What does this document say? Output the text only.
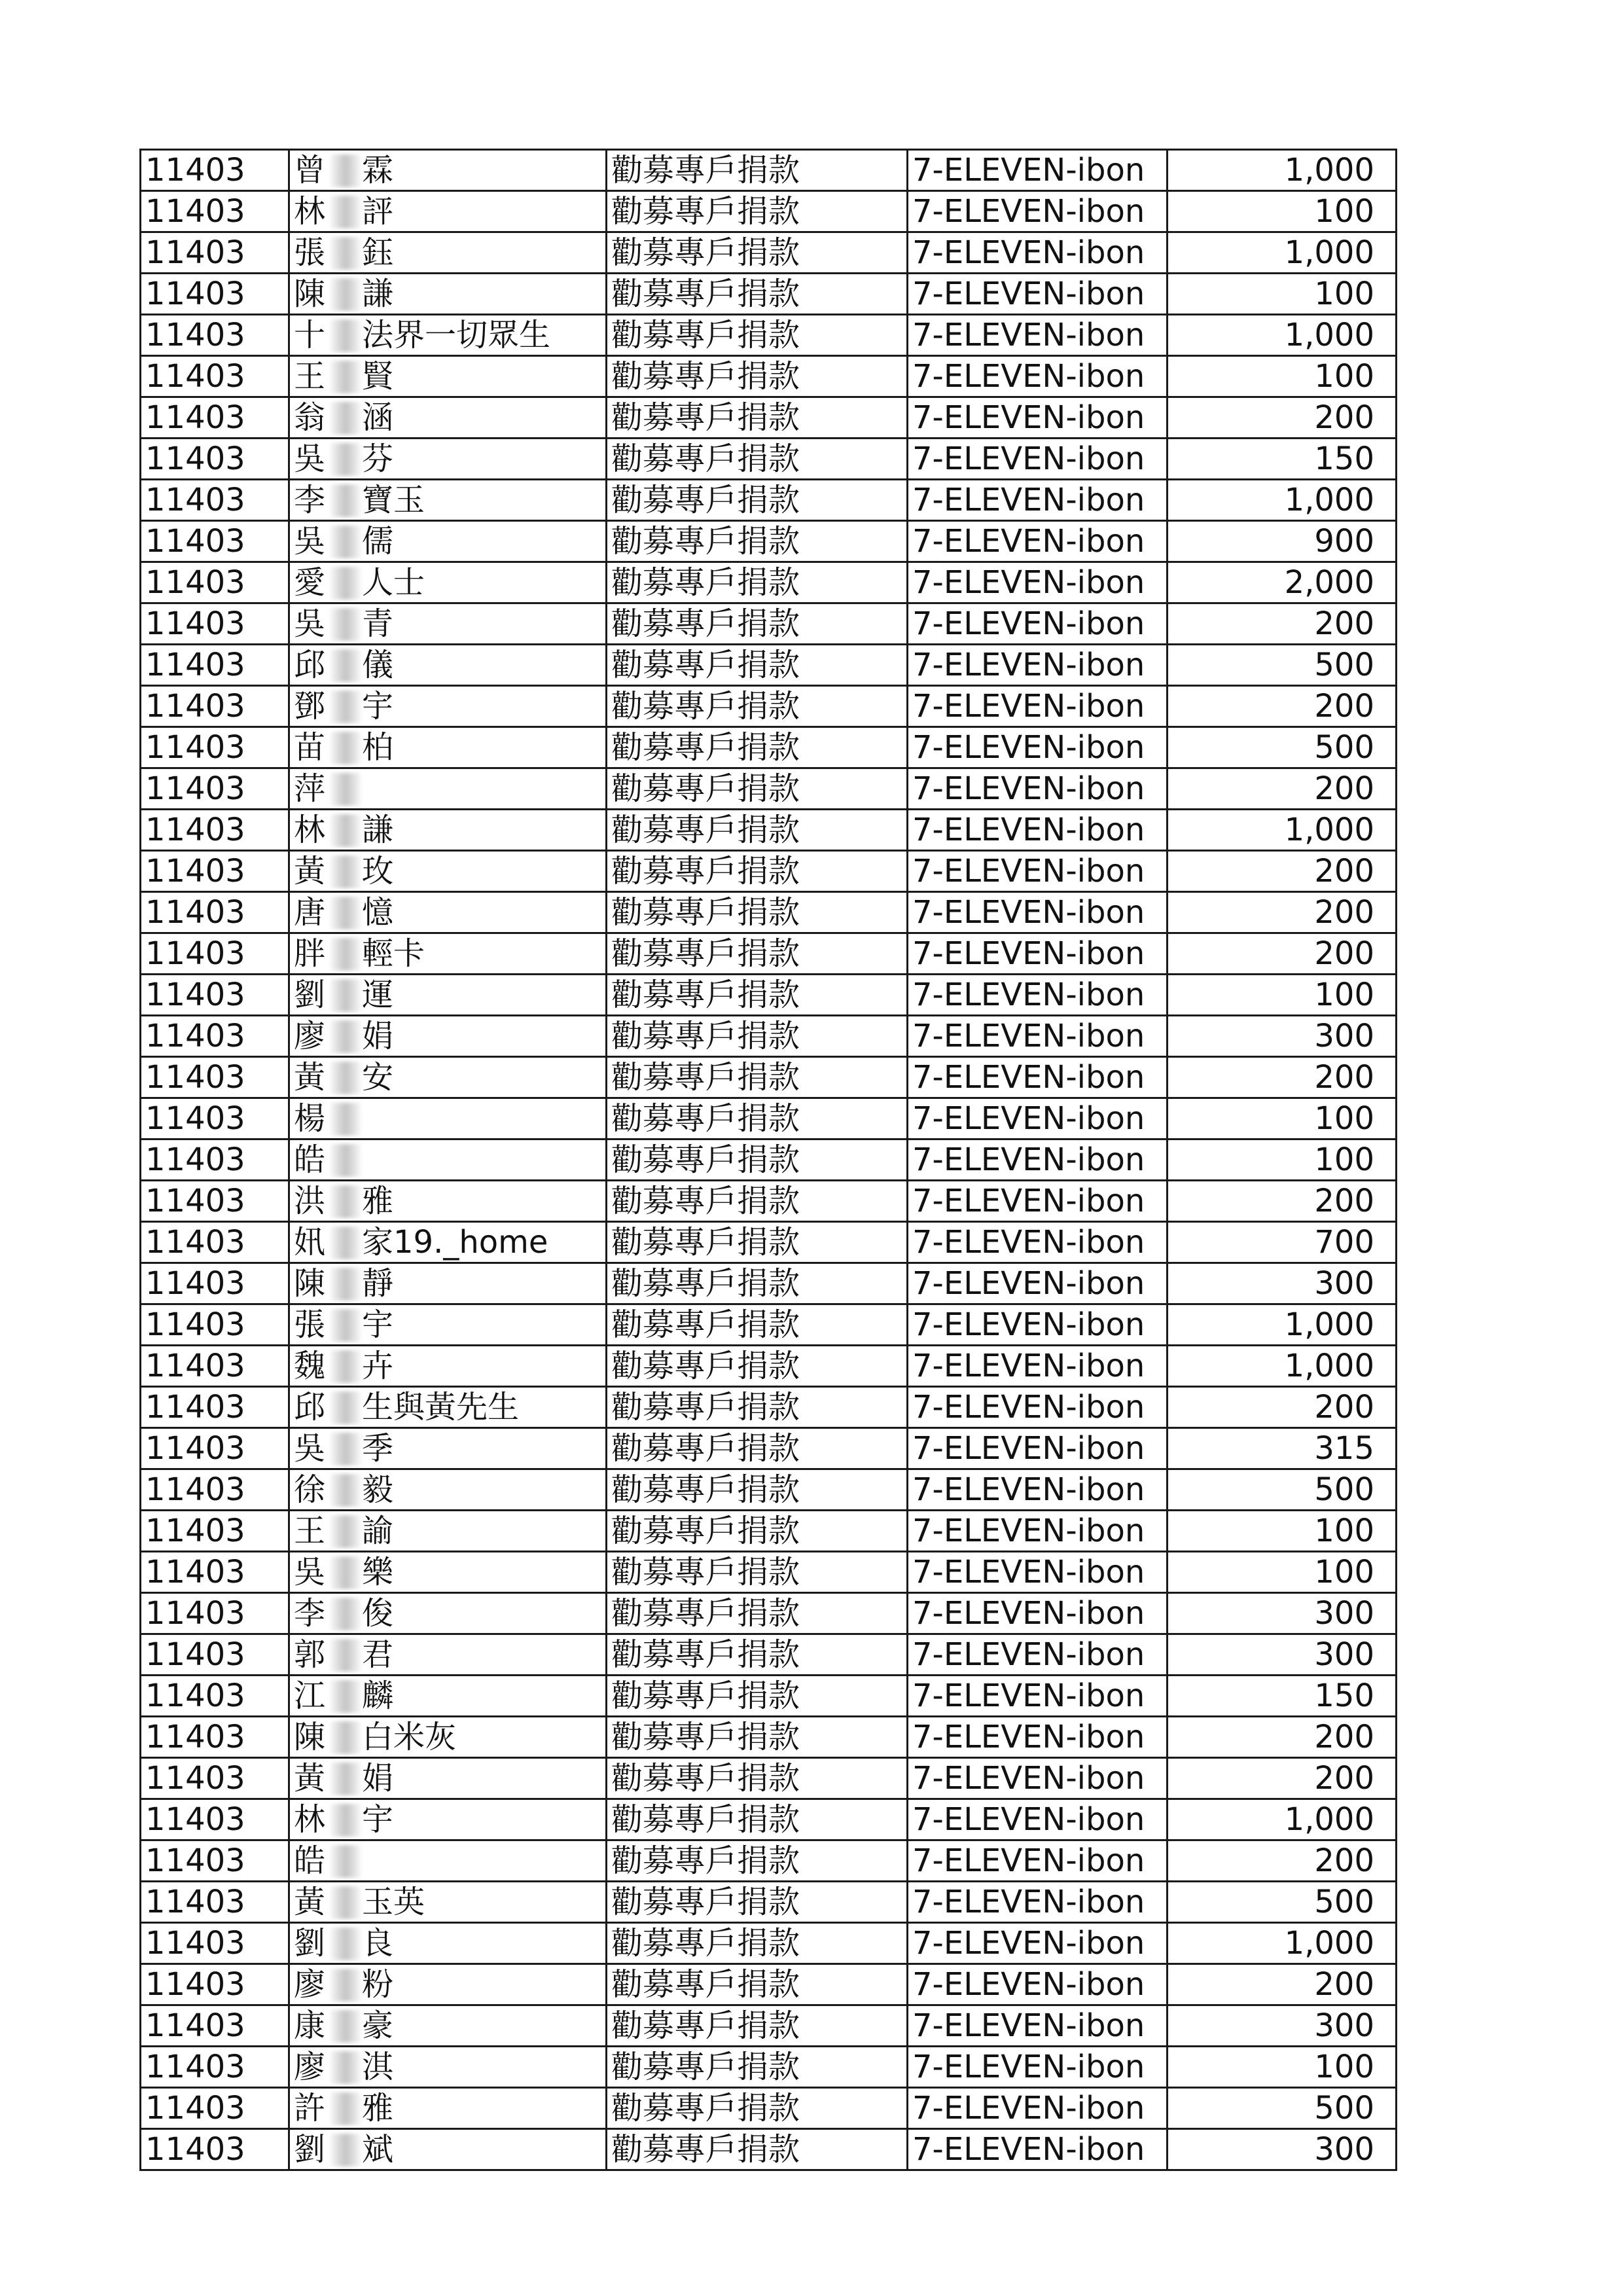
11403	曾 霖	勸募專戶捐款	7-ELEVEN-ibon	1,000
11403	林 評	勸募專戶捐款	7-ELEVEN-ibon	100
11403	張 鈺	勸募專戶捐款	7-ELEVEN-ibon	1,000
11403	陳 謙	勸募專戶捐款	7-ELEVEN-ibon	100
11403	十 法界一切眾生	勸募專戶捐款	7-ELEVEN-ibon	1,000
11403	王 賢	勸募專戶捐款	7-ELEVEN-ibon	100
11403	翁 涵	勸募專戶捐款	7-ELEVEN-ibon	200
11403	吳 芬	勸募專戶捐款	7-ELEVEN-ibon	150
11403	李 寶玉	勸募專戶捐款	7-ELEVEN-ibon	1,000
11403	吳 儒	勸募專戶捐款	7-ELEVEN-ibon	900
11403	愛 人士	勸募專戶捐款	7-ELEVEN-ibon	2,000
11403	吳 青	勸募專戶捐款	7-ELEVEN-ibon	200
11403	邱 儀	勸募專戶捐款	7-ELEVEN-ibon	500
11403	鄧 宇	勸募專戶捐款	7-ELEVEN-ibon	200
11403	苗 柏	勸募專戶捐款	7-ELEVEN-ibon	500
11403	萍	勸募專戶捐款	7-ELEVEN-ibon	200
11403	林 謙	勸募專戶捐款	7-ELEVEN-ibon	1,000
11403	黃 玫	勸募專戶捐款	7-ELEVEN-ibon	200
11403	唐 憶	勸募專戶捐款	7-ELEVEN-ibon	200
11403	胖 輕卡	勸募專戶捐款	7-ELEVEN-ibon	200
11403	劉 運	勸募專戶捐款	7-ELEVEN-ibon	100
11403	廖 娟	勸募專戶捐款	7-ELEVEN-ibon	300
11403	黃 安	勸募專戶捐款	7-ELEVEN-ibon	200
11403	楊	勸募專戶捐款	7-ELEVEN-ibon	100
11403	皓	勸募專戶捐款	7-ELEVEN-ibon	100
11403	洪 雅	勸募專戶捐款	7-ELEVEN-ibon	200
11403	㚨 家19._home	勸募專戶捐款	7-ELEVEN-ibon	700
11403	陳 靜	勸募專戶捐款	7-ELEVEN-ibon	300
11403	張 宇	勸募專戶捐款	7-ELEVEN-ibon	1,000
11403	魏 卉	勸募專戶捐款	7-ELEVEN-ibon	1,000
11403	邱 生與黃先生	勸募專戶捐款	7-ELEVEN-ibon	200
11403	吳 季	勸募專戶捐款	7-ELEVEN-ibon	315
11403	徐 毅	勸募專戶捐款	7-ELEVEN-ibon	500
11403	王 諭	勸募專戶捐款	7-ELEVEN-ibon	100
11403	吳 樂	勸募專戶捐款	7-ELEVEN-ibon	100
11403	李 俊	勸募專戶捐款	7-ELEVEN-ibon	300
11403	郭 君	勸募專戶捐款	7-ELEVEN-ibon	300
11403	江 麟	勸募專戶捐款	7-ELEVEN-ibon	150
11403	陳 白米灰	勸募專戶捐款	7-ELEVEN-ibon	200
11403	黃 娟	勸募專戶捐款	7-ELEVEN-ibon	200
11403	林 宇	勸募專戶捐款	7-ELEVEN-ibon	1,000
11403	皓	勸募專戶捐款	7-ELEVEN-ibon	200
11403	黃 玉英	勸募專戶捐款	7-ELEVEN-ibon	500
11403	劉 良	勸募專戶捐款	7-ELEVEN-ibon	1,000
11403	廖 粉	勸募專戶捐款	7-ELEVEN-ibon	200
11403	康 豪	勸募專戶捐款	7-ELEVEN-ibon	300
11403	廖 淇	勸募專戶捐款	7-ELEVEN-ibon	100
11403	許 雅	勸募專戶捐款	7-ELEVEN-ibon	500
11403	劉 斌	勸募專戶捐款	7-ELEVEN-ibon	300
